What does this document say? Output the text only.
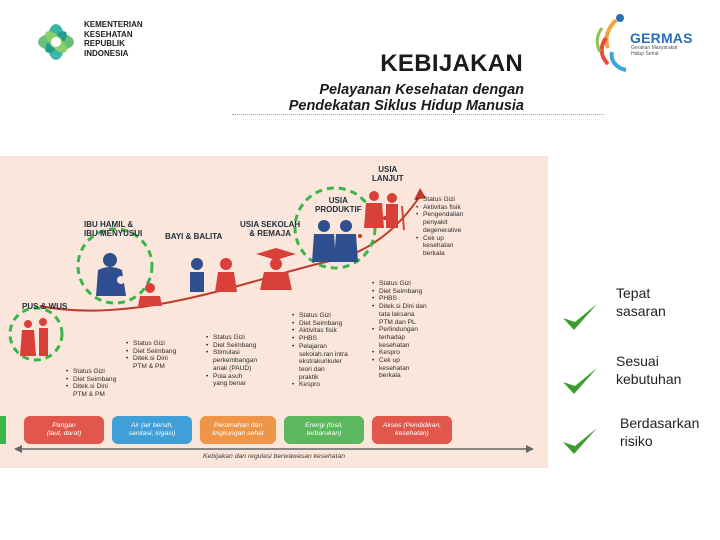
KEMENTERIAN
KESEHATAN
REPUBLIK
INDONESIA
GERMAS
Gerakan Masyarakat
Hidup Sehat
KEBIJAKAN
Pelayanan Kesehatan dengan
Pendekatan Siklus Hidup Manusia
USIA
LANJUT
USIA
PRODUKTIF
USIA SEKOLAH
& REMAJA
BAYI & BALITA
IBU HAMIL &
IBU MENYUSUI
PUS & WUS
• Status Gizi
• Diet Seimbang
• Ditek.si Dini
PTM & PM
• Status Gizi
• Diet Seimbang
• Ditek.si Dini
PTM & PM
• Status Gizi
• Diet Seimbang
• Stimulasi
perkembangan
anak (PAUD)
• Pola asuh
yang benar
• Status Gizi
• Diet Seimbang
• Aktivitas fisik
• PHBS
• Pelajaran
sekolah.ran intra
ekstrakurikuler
teori dan
praktik
• Kespro
• Status Gizi
• Diet Seimbang
• PHBS
• Ditek.si Dini dan
tata laksana
PTM dan PL
• Perlindungan
terhadap
kesehatan
• Kespro
• Cek up
kesehatan
berkala
• Status Gizi
• Aktivitas fisik
• Pengendalian
penyakit
degenerative
• Cek up
kesehatan
berkala
Pangan
(laut, darat)
Air (air bersih,
sanitasi, irigasi)
Perumahan dan
lingkungan sehat
Energi (fosil,
terbarukan)
Akses (Pendidikan,
kesehatan)
Kebijakan dan regulasi berwawasan kesehatan
Tepat
sasaran
Sesuai
kebutuhan
Berdasarkan
risiko
